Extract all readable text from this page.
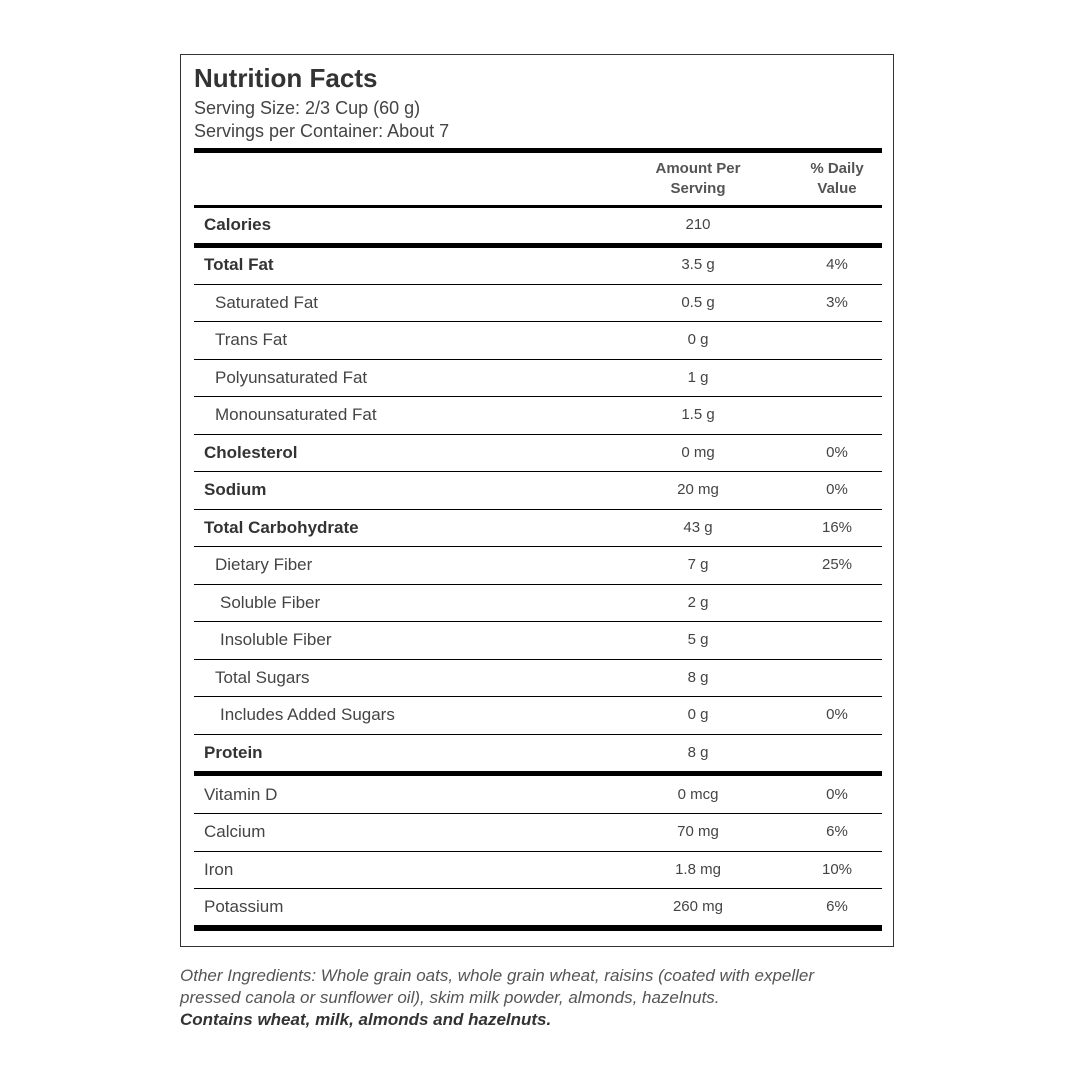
Nutrition Facts
Serving Size: 2/3 Cup (60 g)
Servings per Container: About 7
Amount Per
Serving
% Daily
Value
Calories	210
Total Fat	3.5 g	4%
Saturated Fat	0.5 g	3%
Trans Fat	0 g
Polyunsaturated Fat	1 g
Monounsaturated Fat	1.5 g
Cholesterol	0 mg	0%
Sodium	20 mg	0%
Total Carbohydrate	43 g	16%
Dietary Fiber	7 g	25%
Soluble Fiber	2 g
Insoluble Fiber	5 g
Total Sugars	8 g
Includes Added Sugars	0 g	0%
Protein	8 g
Vitamin D	0 mcg	0%
Calcium	70 mg	6%
Iron	1.8 mg	10%
Potassium	260 mg	6%
Other Ingredients: Whole grain oats, whole grain wheat, raisins (coated with expeller
pressed canola or sunflower oil), skim milk powder, almonds, hazelnuts.
Contains wheat, milk, almonds and hazelnuts.
